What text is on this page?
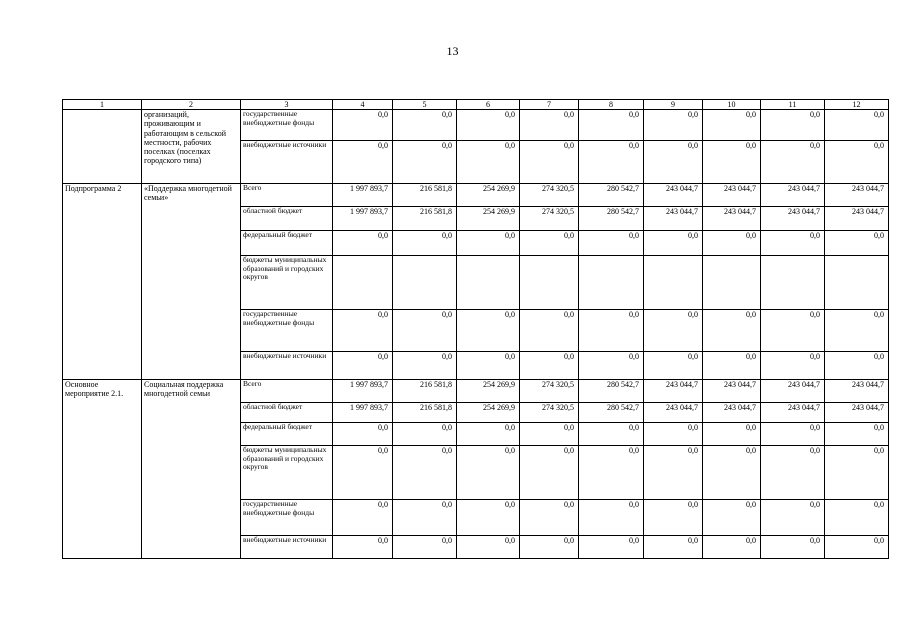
13
1	2	3	4	5	6	7	8	9	10	11	12
	организаций, проживающим и работающим в сельской местности, рабочих поселках (поселках городского типа)	государственные внебюджетные фонды	0,0	0,0	0,0	0,0	0,0	0,0	0,0	0,0	0,0
		внебюджетные источники	0,0	0,0	0,0	0,0	0,0	0,0	0,0	0,0	0,0
Подпрограмма 2	«Поддержка многодетной семьи»	Всего	1 997 893,7	216 581,8	254 269,9	274 320,5	280 542,7	243 044,7	243 044,7	243 044,7	243 044,7
		областной бюджет	1 997 893,7	216 581,8	254 269,9	274 320,5	280 542,7	243 044,7	243 044,7	243 044,7	243 044,7
		федеральный бюджет	0,0	0,0	0,0	0,0	0,0	0,0	0,0	0,0	0,0
		бюджеты муниципальных образований и городских округов									
		государственные внебюджетные фонды	0,0	0,0	0,0	0,0	0,0	0,0	0,0	0,0	0,0
		внебюджетные источники	0,0	0,0	0,0	0,0	0,0	0,0	0,0	0,0	0,0
Основное мероприятие 2.1.	Социальная поддержка многодетной семьи	Всего	1 997 893,7	216 581,8	254 269,9	274 320,5	280 542,7	243 044,7	243 044,7	243 044,7	243 044,7
		областной бюджет	1 997 893,7	216 581,8	254 269,9	274 320,5	280 542,7	243 044,7	243 044,7	243 044,7	243 044,7
		федеральный бюджет	0,0	0,0	0,0	0,0	0,0	0,0	0,0	0,0	0,0
		бюджеты муниципальных образований и городских округов	0,0	0,0	0,0	0,0	0,0	0,0	0,0	0,0	0,0
		государственные внебюджетные фонды	0,0	0,0	0,0	0,0	0,0	0,0	0,0	0,0	0,0
		внебюджетные источники	0,0	0,0	0,0	0,0	0,0	0,0	0,0	0,0	0,0
